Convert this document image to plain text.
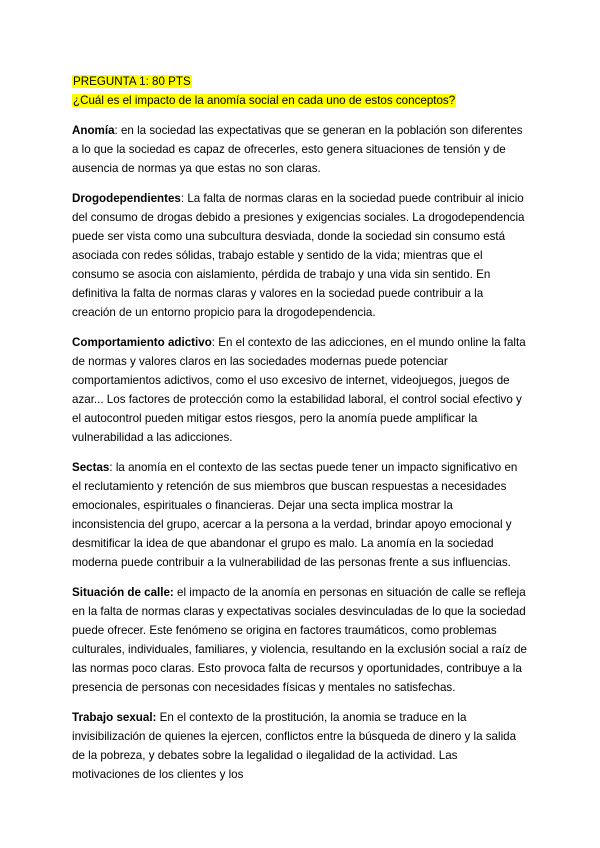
PREGUNTA 1: 80 PTS
¿Cuál es el impacto de la anomía social en cada uno de estos conceptos?

Anomía: en la sociedad las expectativas que se generan en la población son diferentes a lo que la sociedad es capaz de ofrecerles, esto genera situaciones de tensión y de ausencia de normas ya que estas no son claras.

Drogodependientes: La falta de normas claras en la sociedad puede contribuir al inicio del consumo de drogas debido a presiones y exigencias sociales. La drogodependencia puede ser vista como una subcultura desviada, donde la sociedad sin consumo está asociada con redes sólidas, trabajo estable y sentido de la vida; mientras que el consumo se asocia con aislamiento, pérdida de trabajo y una vida sin sentido. En definitiva la falta de normas claras y valores en la sociedad puede contribuir a la creación de un entorno propicio para la drogodependencia.

Comportamiento adictivo: En el contexto de las adicciones, en el mundo online la falta de normas y valores claros en las sociedades modernas puede potenciar comportamientos adictivos, como el uso excesivo de internet, videojuegos, juegos de azar... Los factores de protección como la estabilidad laboral, el control social efectivo y el autocontrol pueden mitigar estos riesgos, pero la anomía puede amplificar la vulnerabilidad a las adicciones.

Sectas: la anomía en el contexto de las sectas puede tener un impacto significativo en el reclutamiento y retención de sus miembros que buscan respuestas a necesidades emocionales, espirituales o financieras. Dejar una secta implica mostrar la inconsistencia del grupo, acercar a la persona a la verdad, brindar apoyo emocional y desmitificar la idea de que abandonar el grupo es malo. La anomía en la sociedad moderna puede contribuir a la vulnerabilidad de las personas frente a sus influencias.

Situación de calle: el impacto de la anomía en personas en situación de calle se refleja en la falta de normas claras y expectativas sociales desvinculadas de lo que la sociedad puede ofrecer. Este fenómeno se origina en factores traumáticos, como problemas culturales, individuales, familiares, y violencia, resultando en la exclusión social a raíz de las normas poco claras. Esto provoca falta de recursos y oportunidades, contribuye a la presencia de personas con necesidades físicas y mentales no satisfechas.

Trabajo sexual: En el contexto de la prostitución, la anomia se traduce en la invisibilización de quienes la ejercen, conflictos entre la búsqueda de dinero y la salida de la pobreza, y debates sobre la legalidad o ilegalidad de la actividad. Las motivaciones de los clientes y los
